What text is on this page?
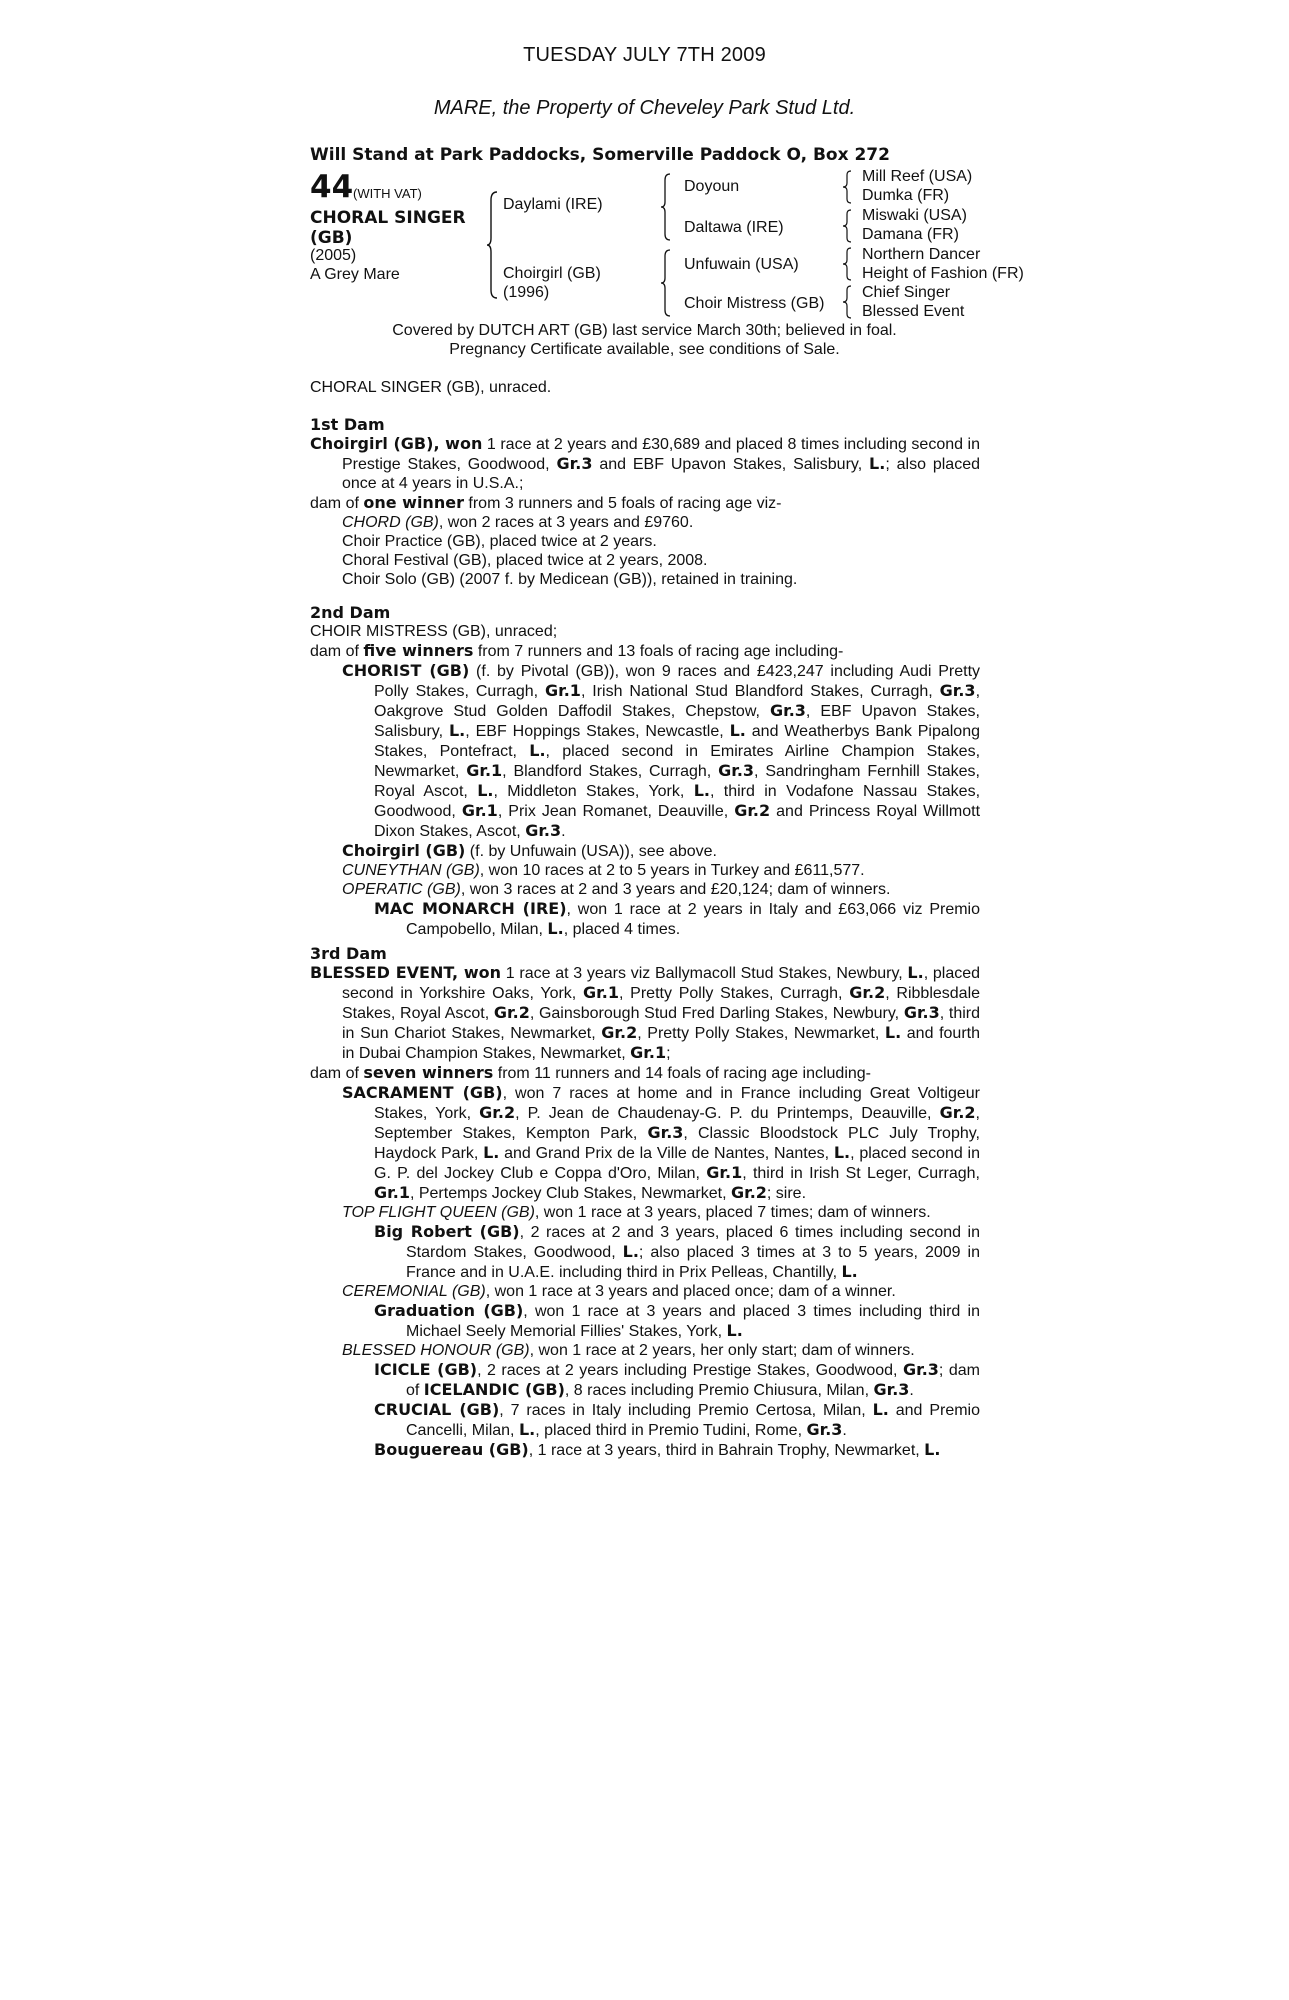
TUESDAY JULY 7TH 2009
MARE, the Property of Cheveley Park Stud Ltd.
Will Stand at Park Paddocks, Somerville Paddock O, Box 272
44 (WITH VAT)
CHORAL SINGER (GB)
(2005)
A Grey Mare
Daylami (IRE)
Choirgirl (GB)
(1996)
Doyoun
Daltawa (IRE)
Unfuwain (USA)
Choir Mistress (GB)
Mill Reef (USA)
Dumka (FR)
Miswaki (USA)
Damana (FR)
Northern Dancer
Height of Fashion (FR)
Chief Singer
Blessed Event
Covered by DUTCH ART (GB) last service March 30th; believed in foal.
Pregnancy Certificate available, see conditions of Sale.
CHORAL SINGER (GB), unraced.
1st Dam

Choirgirl (GB), won 1 race at 2 years and £30,689 and placed 8 times including second in Prestige Stakes, Goodwood, Gr.3 and EBF Upavon Stakes, Salisbury, L.; also placed once at 4 years in U.S.A.;

dam of one winner from 3 runners and 5 foals of racing age viz-

CHORD (GB), won 2 races at 3 years and £9760.

Choir Practice (GB), placed twice at 2 years.

Choral Festival (GB), placed twice at 2 years, 2008.

Choir Solo (GB) (2007 f. by Medicean (GB)), retained in training.

2nd Dam

CHOIR MISTRESS (GB), unraced;

dam of five winners from 7 runners and 13 foals of racing age including-

CHORIST (GB) (f. by Pivotal (GB)), won 9 races and £423,247 including Audi Pretty Polly Stakes, Curragh, Gr.1, Irish National Stud Blandford Stakes, Curragh, Gr.3, Oakgrove Stud Golden Daffodil Stakes, Chepstow, Gr.3, EBF Upavon Stakes, Salisbury, L., EBF Hoppings Stakes, Newcastle, L. and Weatherbys Bank Pipalong Stakes, Pontefract, L., placed second in Emirates Airline Champion Stakes, Newmarket, Gr.1, Blandford Stakes, Curragh, Gr.3, Sandringham Fernhill Stakes, Royal Ascot, L., Middleton Stakes, York, L., third in Vodafone Nassau Stakes, Goodwood, Gr.1, Prix Jean Romanet, Deauville, Gr.2 and Princess Royal Willmott Dixon Stakes, Ascot, Gr.3.

Choirgirl (GB) (f. by Unfuwain (USA)), see above.

CUNEYTHAN (GB), won 10 races at 2 to 5 years in Turkey and £611,577.

OPERATIC (GB), won 3 races at 2 and 3 years and £20,124; dam of winners.

MAC MONARCH (IRE), won 1 race at 2 years in Italy and £63,066 viz Premio Campobello, Milan, L., placed 4 times.

3rd Dam

BLESSED EVENT, won 1 race at 3 years viz Ballymacoll Stud Stakes, Newbury, L., placed second in Yorkshire Oaks, York, Gr.1, Pretty Polly Stakes, Curragh, Gr.2, Ribblesdale Stakes, Royal Ascot, Gr.2, Gainsborough Stud Fred Darling Stakes, Newbury, Gr.3, third in Sun Chariot Stakes, Newmarket, Gr.2, Pretty Polly Stakes, Newmarket, L. and fourth in Dubai Champion Stakes, Newmarket, Gr.1;

dam of seven winners from 11 runners and 14 foals of racing age including-

SACRAMENT (GB), won 7 races at home and in France including Great Voltigeur Stakes, York, Gr.2, P. Jean de Chaudenay-G. P. du Printemps, Deauville, Gr.2, September Stakes, Kempton Park, Gr.3, Classic Bloodstock PLC July Trophy, Haydock Park, L. and Grand Prix de la Ville de Nantes, Nantes, L., placed second in G. P. del Jockey Club e Coppa d'Oro, Milan, Gr.1, third in Irish St Leger, Curragh, Gr.1, Pertemps Jockey Club Stakes, Newmarket, Gr.2; sire.

TOP FLIGHT QUEEN (GB), won 1 race at 3 years, placed 7 times; dam of winners.

Big Robert (GB), 2 races at 2 and 3 years, placed 6 times including second in Stardom Stakes, Goodwood, L.; also placed 3 times at 3 to 5 years, 2009 in France and in U.A.E. including third in Prix Pelleas, Chantilly, L.

CEREMONIAL (GB), won 1 race at 3 years and placed once; dam of a winner.

Graduation (GB), won 1 race at 3 years and placed 3 times including third in Michael Seely Memorial Fillies' Stakes, York, L.

BLESSED HONOUR (GB), won 1 race at 2 years, her only start; dam of winners.

ICICLE (GB), 2 races at 2 years including Prestige Stakes, Goodwood, Gr.3; dam of ICELANDIC (GB), 8 races including Premio Chiusura, Milan, Gr.3.

CRUCIAL (GB), 7 races in Italy including Premio Certosa, Milan, L. and Premio Cancelli, Milan, L., placed third in Premio Tudini, Rome, Gr.3.

Bouguereau (GB), 1 race at 3 years, third in Bahrain Trophy, Newmarket, L.
